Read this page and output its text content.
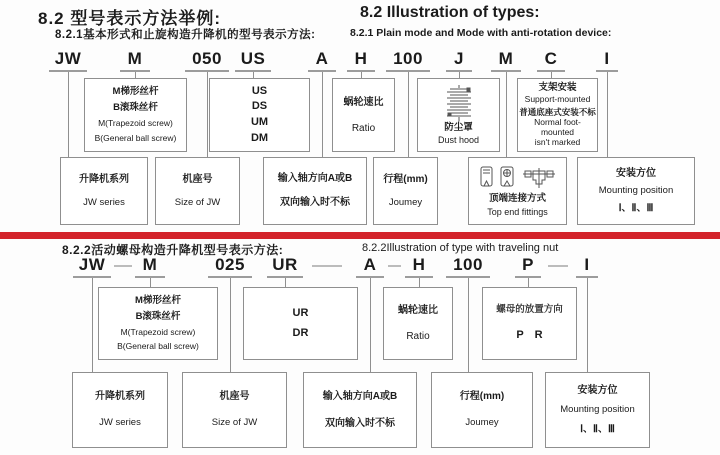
8.2 型号表示方法举例:	8.2 Illustration of types:
8.2.1基本形式和止旋构造升降机的型号表示方法:	8.2.1 Plain mode and Mode with anti-rotation device:
JW	M	050 US	A H 100 J M C	I
M梯形丝杆
B滚珠丝杆
M(Trapezoid screw)
B(General ball screw)
US
DS
UM
DM
蜗轮速比
Ratio	防尘罩
Dust hood
支架安装
Support-mounted
普通底座式安装不标
Normal foot-mounted
isn't marked
升降机系列
JW series
机座号
Size of JW
输入轴方向A或B
双向输入时不标
行程(mm)
Joumey	顶端连接方式
Top end fittings
安装方位
Mounting position
Ⅰ、Ⅱ、Ⅲ
8.2.2活动螺母构造升降机型号表示方法:	8.2.2Illustration of type with traveling nut
JW M	025 UR	A H 100 P	I
M梯形丝杆
B滚珠丝杆
M(Trapezoid screw)
B(General ball screw)
UR
DR
蜗轮速比
Ratio
螺母的放置方向
P R
升降机系列
JW series
机座号
Size of JW
输入轴方向A或B
双向输入时不标
行程(mm)
Joumey
安装方位
Mounting position
Ⅰ、Ⅱ、Ⅲ
